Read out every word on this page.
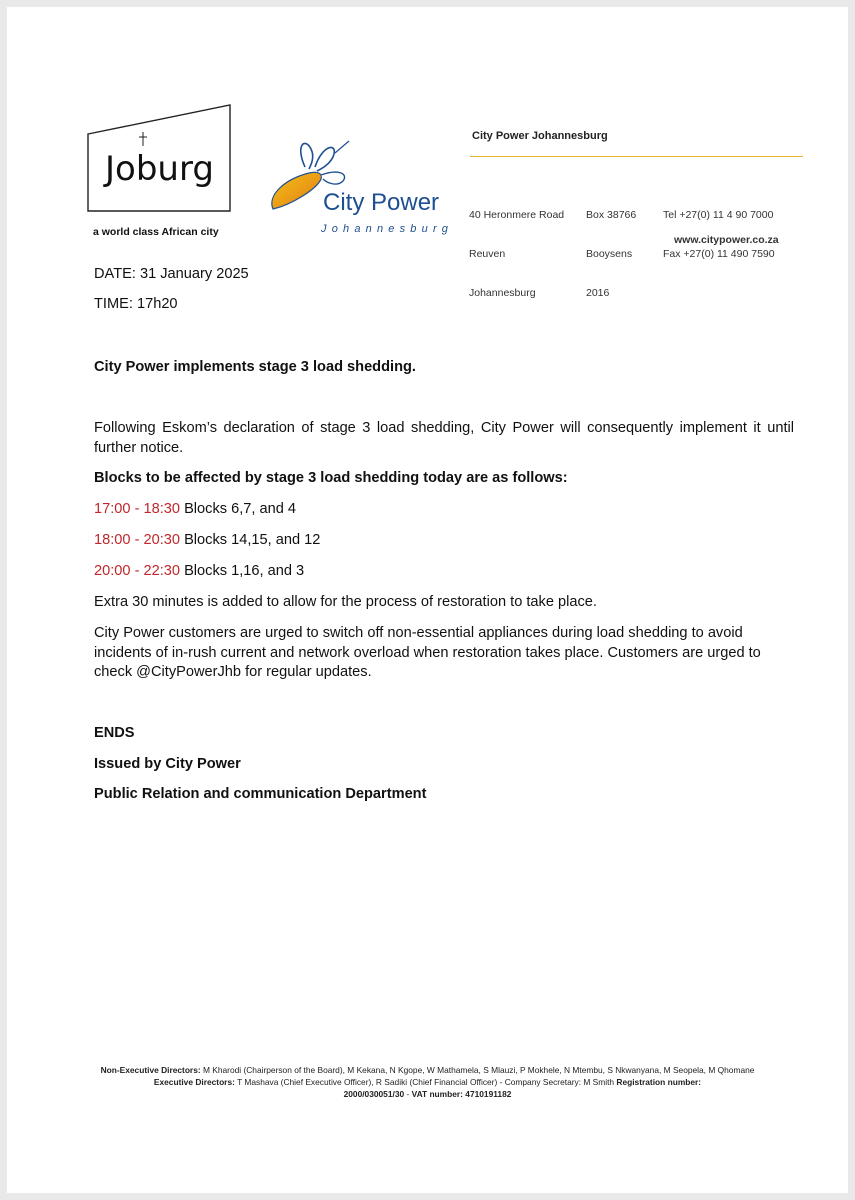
Joburg
a world class African city
City Power
Johannesburg
City Power Johannesburg

40 Heronmere Road

Reuven

Johannesburg

Box 38766

Booysens

2016

Tel +27(0) 11 4 90 7000

Fax +27(0) 11 490 7590

www.citypower.co.za
DATE: 31 January 2025
TIME: 17h20
City Power implements stage 3 load shedding.
Following Eskom’s declaration of stage 3 load shedding, City Power will consequently implement it until further notice.
Blocks to be affected by stage 3 load shedding today are as follows:
17:00 - 18:30 Blocks 6,7, and 4
18:00 - 20:30 Blocks 14,15, and 12
20:00 - 22:30 Blocks 1,16, and 3
Extra 30 minutes is added to allow for the process of restoration to take place.
City Power customers are urged to switch off non-essential appliances during load shedding to avoid incidents of in-rush current and network overload when restoration takes place. Customers are urged to check @CityPowerJhb for regular updates.
ENDS
Issued by City Power
Public Relation and communication Department
Non-Executive Directors: M Kharodi (Chairperson of the Board), M Kekana, N Kgope, W Mathamela, S Mlauzi, P Mokhele, N Mtembu, S Nkwanyana, M Seopela, M Qhomane
Executive Directors: T Mashava (Chief Executive Officer), R Sadiki (Chief Financial Officer) - Company Secretary: M Smith Registration number:
2000/030051/30 - VAT number: 4710191182
